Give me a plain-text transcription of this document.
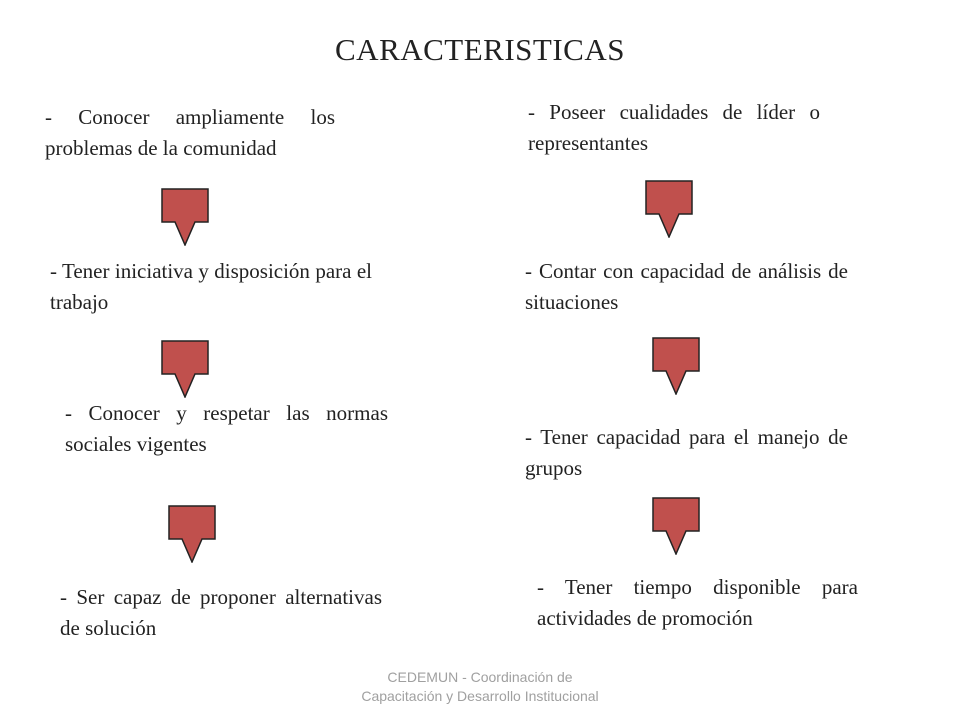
CARACTERISTICAS

- Conocer ampliamente los problemas de la comunidad

- Tener iniciativa y disposición para el trabajo

- Conocer y respetar las normas sociales vigentes

- Ser capaz de proponer alternativas de solución

- Poseer cualidades de líder o representantes

- Contar con capacidad de análisis de situaciones

- Tener capacidad para el manejo de grupos

- Tener tiempo disponible para actividades de promoción

CEDEMUN - Coordinación de
Capacitación y Desarrollo Institucional
